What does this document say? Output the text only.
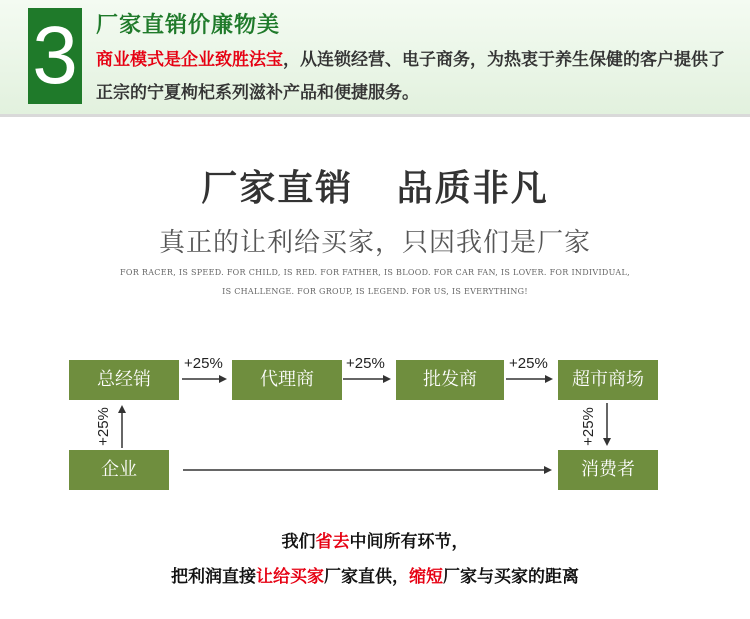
3 厂家直销价廉物美
商业模式是企业致胜法宝，从连锁经营、电子商务，为热衷于养生保健的客户提供了正宗的宁夏枸杞系列滋补产品和便捷服务。
厂家直销   品质非凡
真正的让利给买家，只因我们是厂家
FOR RACER, IS SPEED. FOR CHILD, IS RED. FOR FATHER, IS BLOOD. FOR CAR FAN, IS LOVER. FOR INDIVIDUAL,
IS CHALLENGE. FOR GROUP, IS LEGEND. FOR US, IS EVERYTHING!
总经销	代理商	批发商	超市商场
企业	消费者
+25%	+25%	+25%
+25%	+25%
我们省去中间所有环节，
把利润直接让给买家厂家直供，缩短厂家与买家的距离
